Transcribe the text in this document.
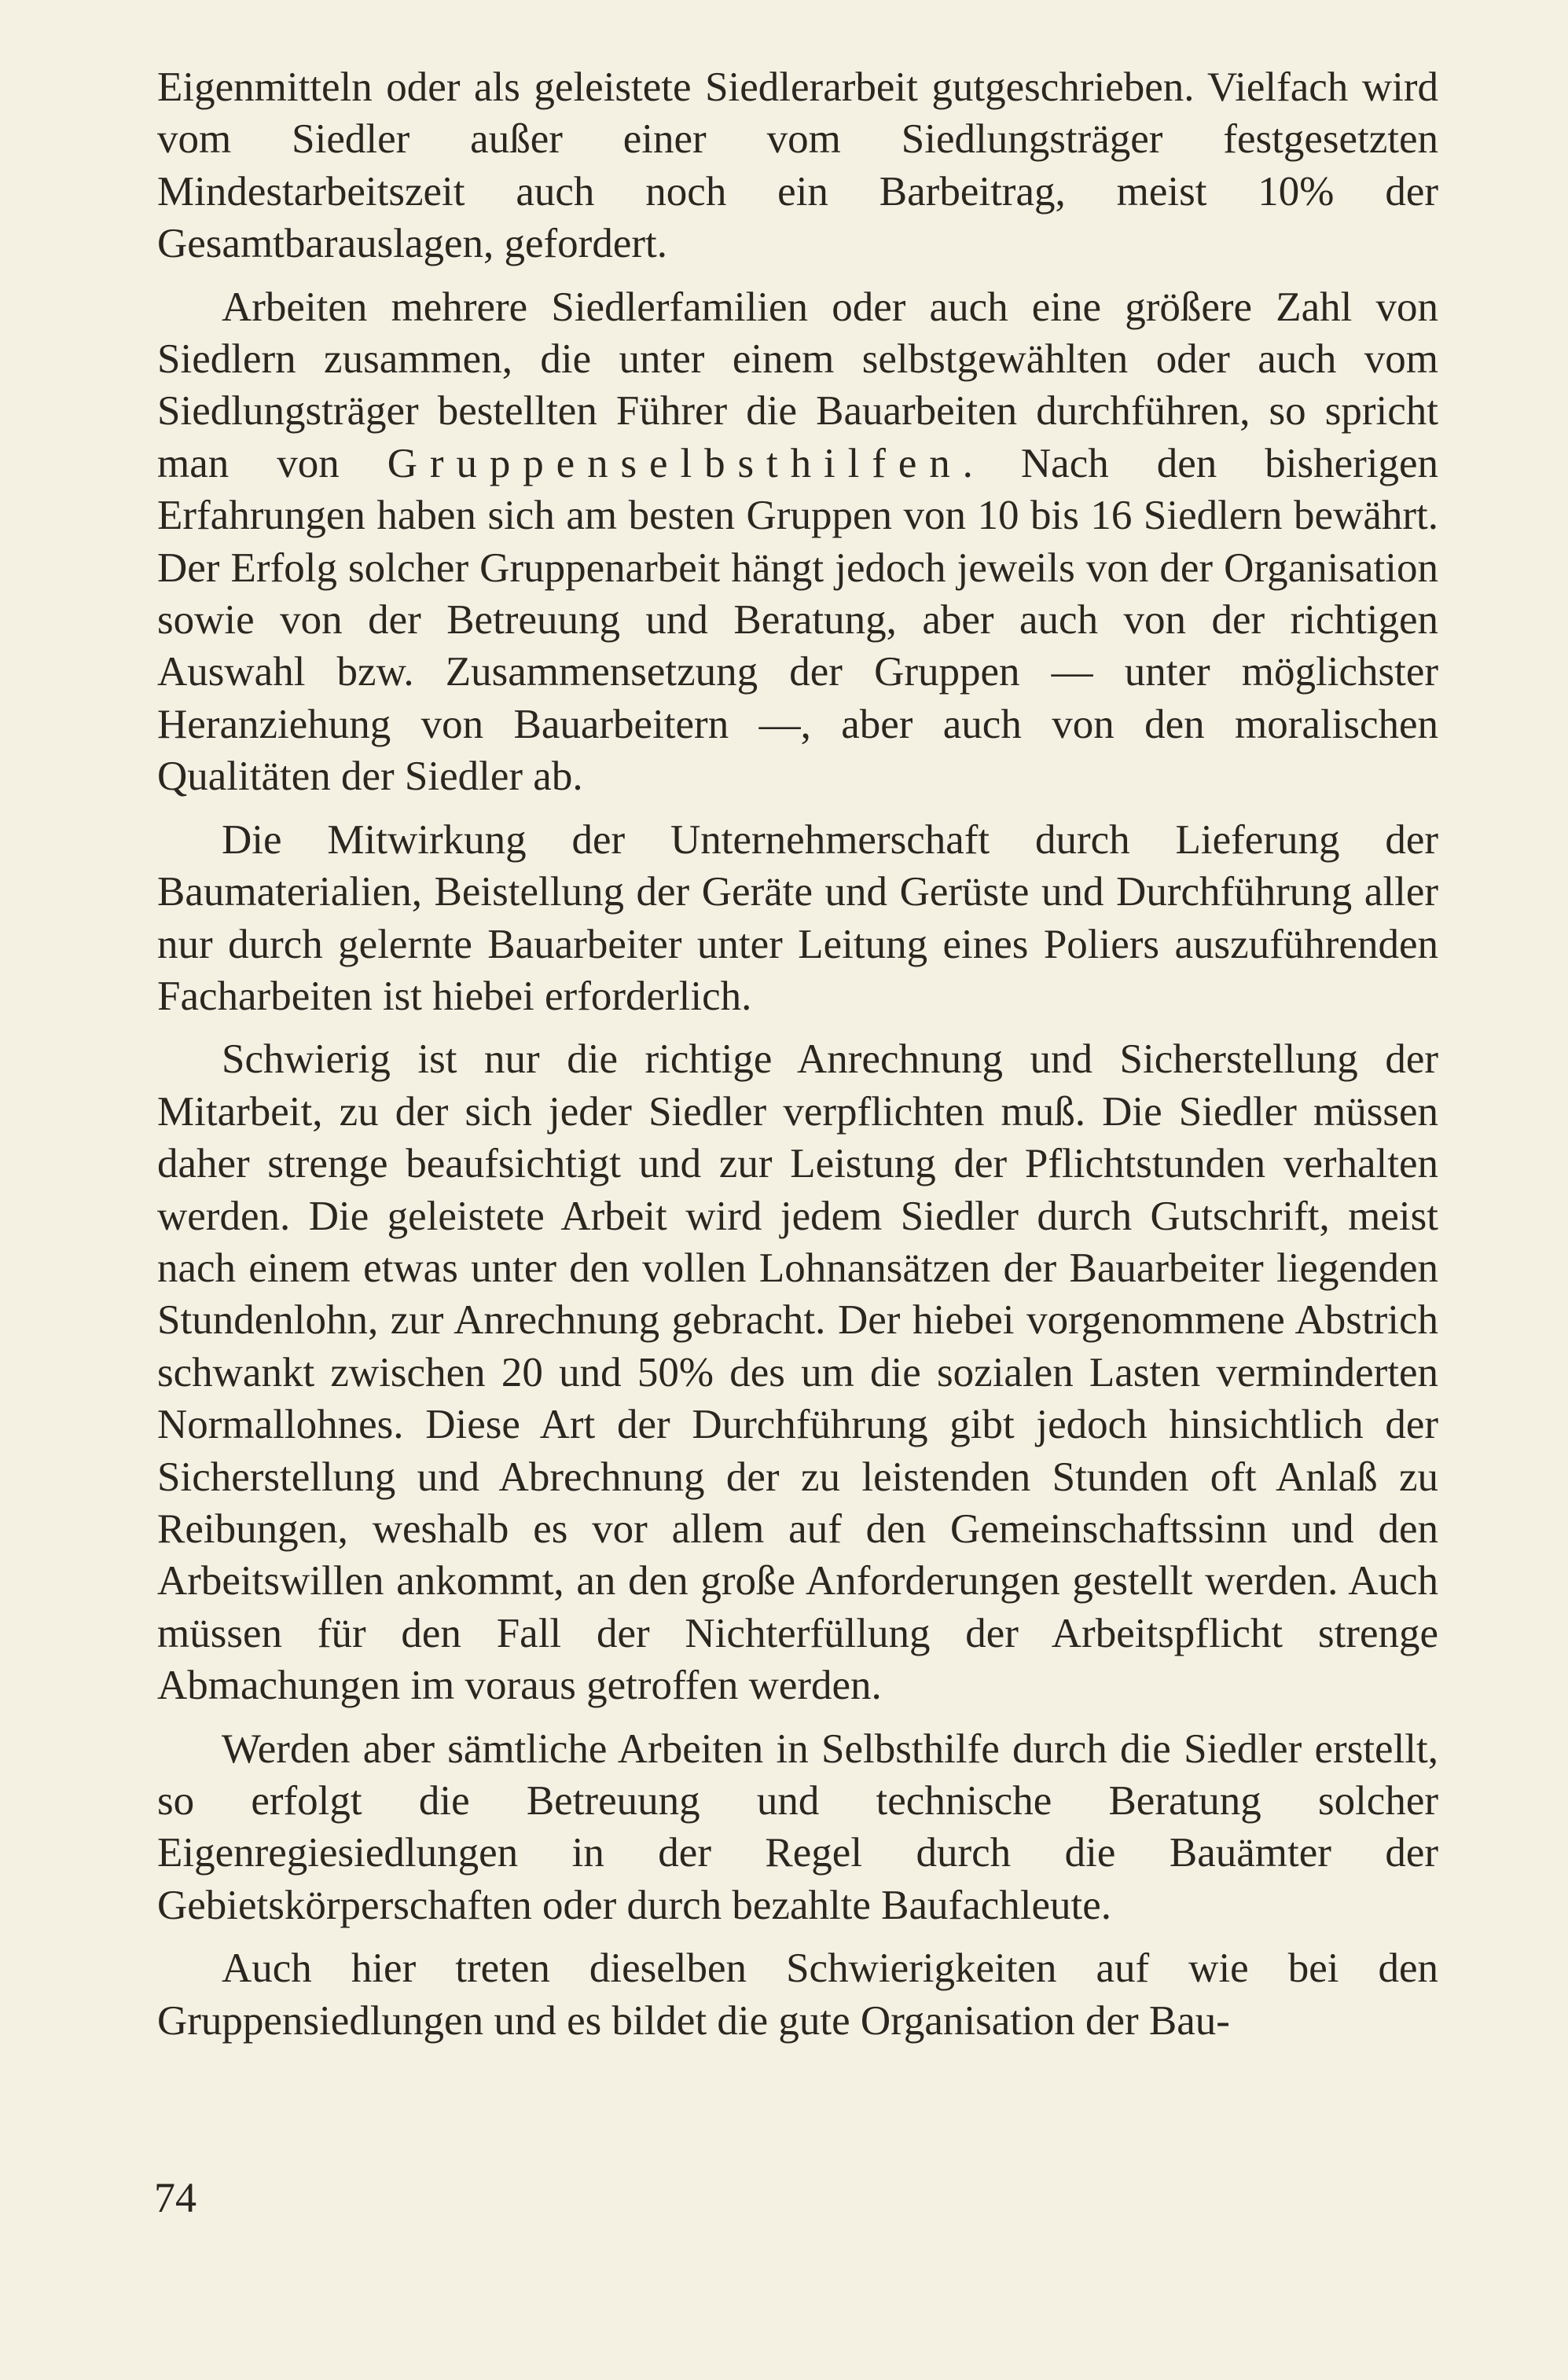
Eigenmitteln oder als geleistete Siedlerarbeit gutgeschrieben. Vielfach wird vom Siedler außer einer vom Siedlungsträger festgesetzten Mindestarbeitszeit auch noch ein Barbeitrag, meist 10% der Gesamtbarauslagen, gefordert.

Arbeiten mehrere Siedlerfamilien oder auch eine größere Zahl von Siedlern zusammen, die unter einem selbstgewählten oder auch vom Siedlungsträger bestellten Führer die Bauarbeiten durchführen, so spricht man von Gruppenselbsthilfen. Nach den bisherigen Erfahrungen haben sich am besten Gruppen von 10 bis 16 Siedlern bewährt. Der Erfolg solcher Gruppenarbeit hängt jedoch jeweils von der Organisation sowie von der Betreuung und Beratung, aber auch von der richtigen Auswahl bzw. Zusammensetzung der Gruppen — unter möglichster Heranziehung von Bauarbeitern —, aber auch von den moralischen Qualitäten der Siedler ab.

Die Mitwirkung der Unternehmerschaft durch Lieferung der Baumaterialien, Beistellung der Geräte und Gerüste und Durchführung aller nur durch gelernte Bauarbeiter unter Leitung eines Poliers auszuführenden Facharbeiten ist hiebei erforderlich.

Schwierig ist nur die richtige Anrechnung und Sicherstellung der Mitarbeit, zu der sich jeder Siedler verpflichten muß. Die Siedler müssen daher strenge beaufsichtigt und zur Leistung der Pflichtstunden verhalten werden. Die geleistete Arbeit wird jedem Siedler durch Gutschrift, meist nach einem etwas unter den vollen Lohnansätzen der Bauarbeiter liegenden Stundenlohn, zur Anrechnung gebracht. Der hiebei vorgenommene Abstrich schwankt zwischen 20 und 50% des um die sozialen Lasten verminderten Normallohnes. Diese Art der Durchführung gibt jedoch hinsichtlich der Sicherstellung und Abrechnung der zu leistenden Stunden oft Anlaß zu Reibungen, weshalb es vor allem auf den Gemeinschaftssinn und den Arbeitswillen ankommt, an den große Anforderungen gestellt werden. Auch müssen für den Fall der Nichterfüllung der Arbeitspflicht strenge Abmachungen im voraus getroffen werden.

Werden aber sämtliche Arbeiten in Selbsthilfe durch die Siedler erstellt, so erfolgt die Betreuung und technische Beratung solcher Eigenregiesiedlungen in der Regel durch die Bauämter der Gebietskörperschaften oder durch bezahlte Baufachleute.

Auch hier treten dieselben Schwierigkeiten auf wie bei den Gruppensiedlungen und es bildet die gute Organisation der Bau-

74
